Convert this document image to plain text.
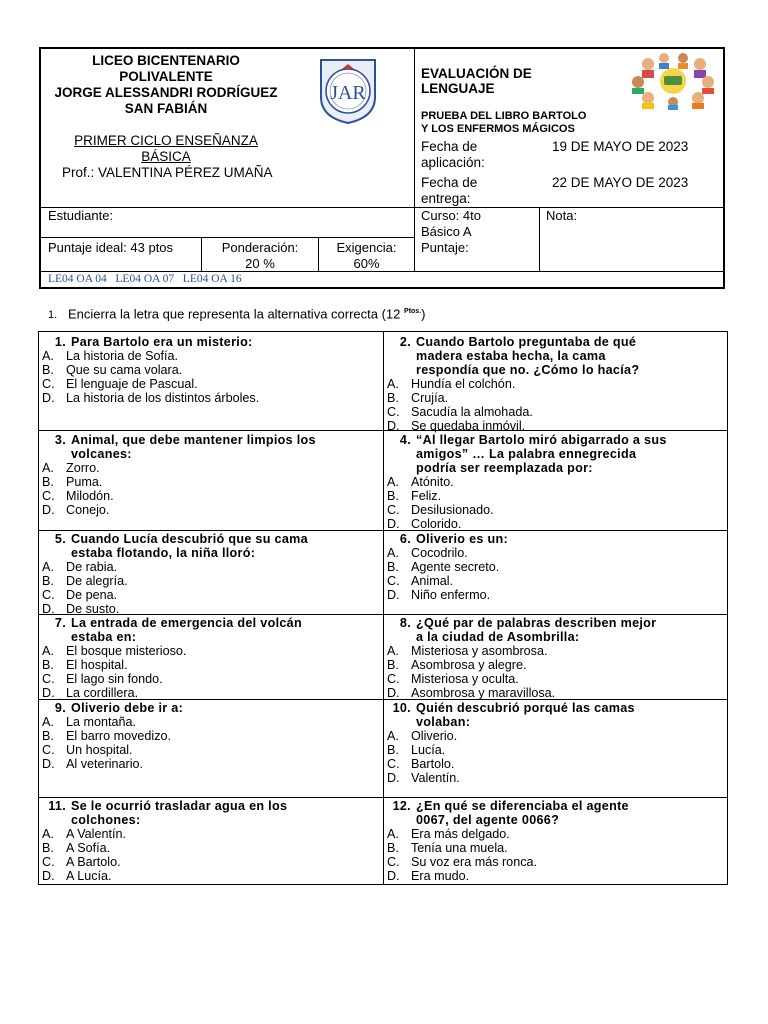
LICEO BICENTENARIO
POLIVALENTE
JORGE ALESSANDRI RODRÍGUEZ
SAN FABIÁN
PRIMER CICLO ENSEÑANZA
BÁSICA
Prof.: VALENTINA PÉREZ UMAÑA
JAR
EVALUACIÓN DE
LENGUAJE
PRUEBA DEL LIBRO BARTOLO
Y LOS ENFERMOS MÁGICOS
Fecha de
aplicación:
19 DE MAYO DE 2023
Fecha de
entrega:
22 DE MAYO DE 2023
Estudiante:	Curso: 4to
Básico A
Nota:
Puntaje ideal: 43 ptos	Ponderación:
20 %
Exigencia:
60%
Puntaje:
LE04 OA 04   LE04 OA 07   LE04 OA 16
1. Encierra la letra que representa la alternativa correcta (12 $^{Ptos.}$)
1. Para Bartolo era un misterio:
A. La historia de Sofía.
B. Que su cama volara.
C. El lenguaje de Pascual.
D. La historia de los distintos árboles.
2. Cuando Bartolo preguntaba de qué
madera estaba hecha, la cama
respondía que no. ¿Cómo lo hacía?
A. Hundía el colchón.
B. Crujía.
C. Sacudía la almohada.
D. Se quedaba inmóvil.
3. Animal, que debe mantener limpios los
volcanes:
A. Zorro.
B. Puma.
C. Milodón.
D. Conejo.
4. “Al llegar Bartolo miró abigarrado a sus
amigos” … La palabra ennegrecida
podría ser reemplazada por:
A. Atónito.
B. Feliz.
C. Desilusionado.
D. Colorido.
5. Cuando Lucía descubrió que su cama
estaba flotando, la niña lloró:
A. De rabia.
B. De alegría.
C. De pena.
D. De susto.
6. Oliverio es un:
A. Cocodrilo.
B. Agente secreto.
C. Animal.
D. Niño enfermo.
7. La entrada de emergencia del volcán
estaba en:
A. El bosque misterioso.
B. El hospital.
C. El lago sin fondo.
D. La cordillera.
8. ¿Qué par de palabras describen mejor
a la ciudad de Asombrilla:
A. Misteriosa y asombrosa.
B. Asombrosa y alegre.
C. Misteriosa y oculta.
D. Asombrosa y maravillosa.
9. Oliverio debe ir a:
A. La montaña.
B. El barro movedizo.
C. Un hospital.
D. Al veterinario.
10. Quién descubrió porqué las camas
volaban:
A. Oliverio.
B. Lucía.
C. Bartolo.
D. Valentín.
11. Se le ocurrió trasladar agua en los
colchones:
A. A Valentín.
B. A Sofía.
C. A Bartolo.
D. A Lucía.
12. ¿En qué se diferenciaba el agente
0067, del agente 0066?
A. Era más delgado.
B. Tenía una muela.
C. Su voz era más ronca.
D. Era mudo.
